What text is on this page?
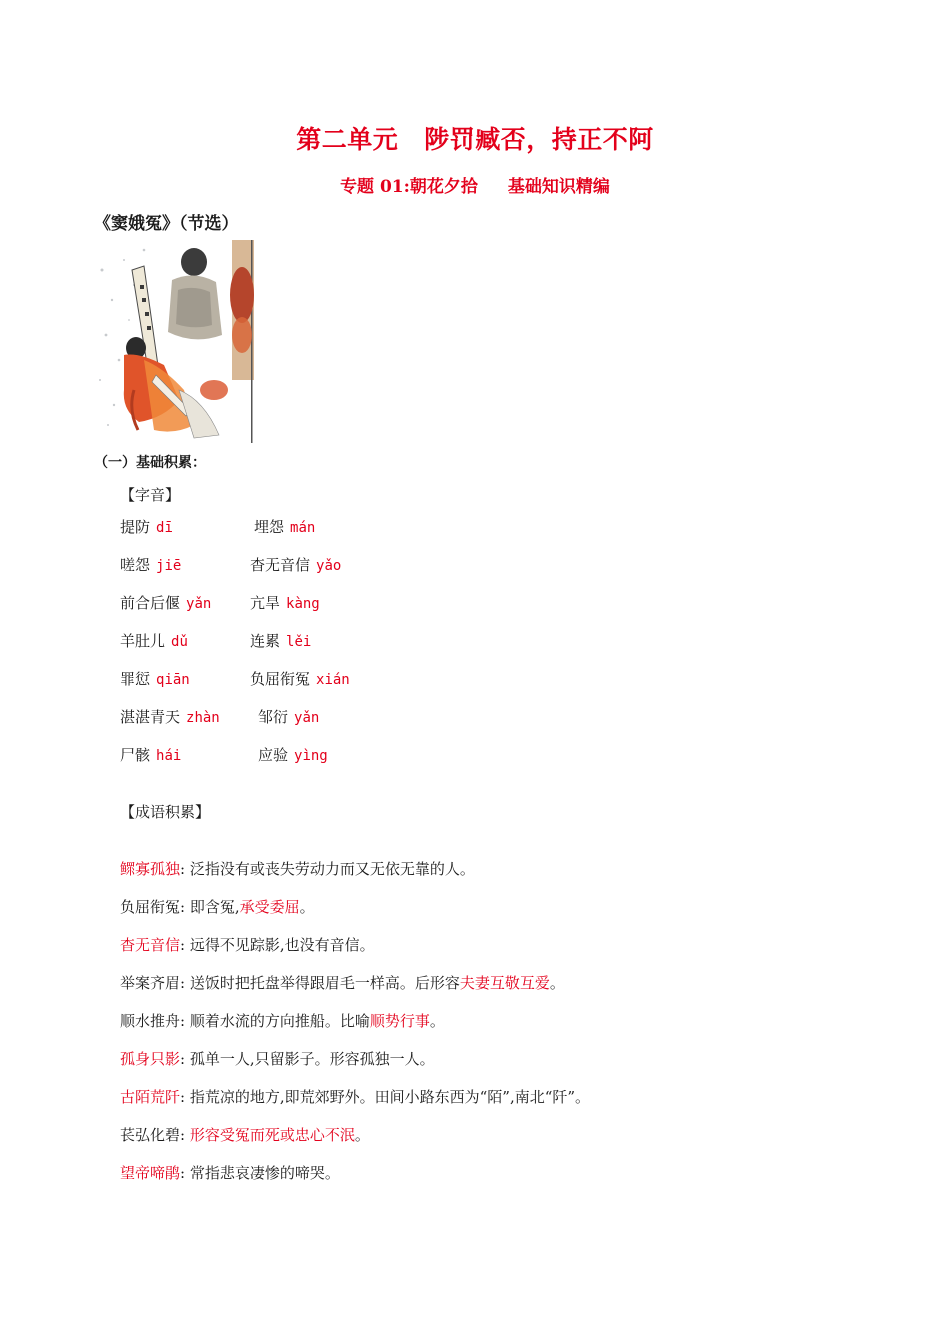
第二单元 陟罚臧否，持正不阿
专题 01:朝花夕拾 基础知识精编
《窦娥冤》（节选）
（一）基础积累：
【字音】
提防 dī	埋怨 mán
嗟怨 jiē	杳无音信 yǎo
前合后偃 yǎn	亢旱 kàng
羊肚儿 dǔ	连累 lěi
罪愆 qiān	负屈衔冤 xián
湛湛青天 zhàn	邹衍 yǎn
尸骸 hái	应验 yìng
【成语积累】
鳏寡孤独: 泛指没有或丧失劳动力而又无依无靠的人。
负屈衔冤: 即含冤,承受委屈。
杳无音信: 远得不见踪影,也没有音信。
举案齐眉: 送饭时把托盘举得跟眉毛一样高。后形容夫妻互敬互爱。
顺水推舟: 顺着水流的方向推船。比喻顺势行事。
孤身只影: 孤单一人,只留影子。形容孤独一人。
古陌荒阡: 指荒凉的地方,即荒郊野外。田间小路东西为“陌”,南北“阡”。
苌弘化碧: 形容受冤而死或忠心不泯。
望帝啼鹃: 常指悲哀凄惨的啼哭。
